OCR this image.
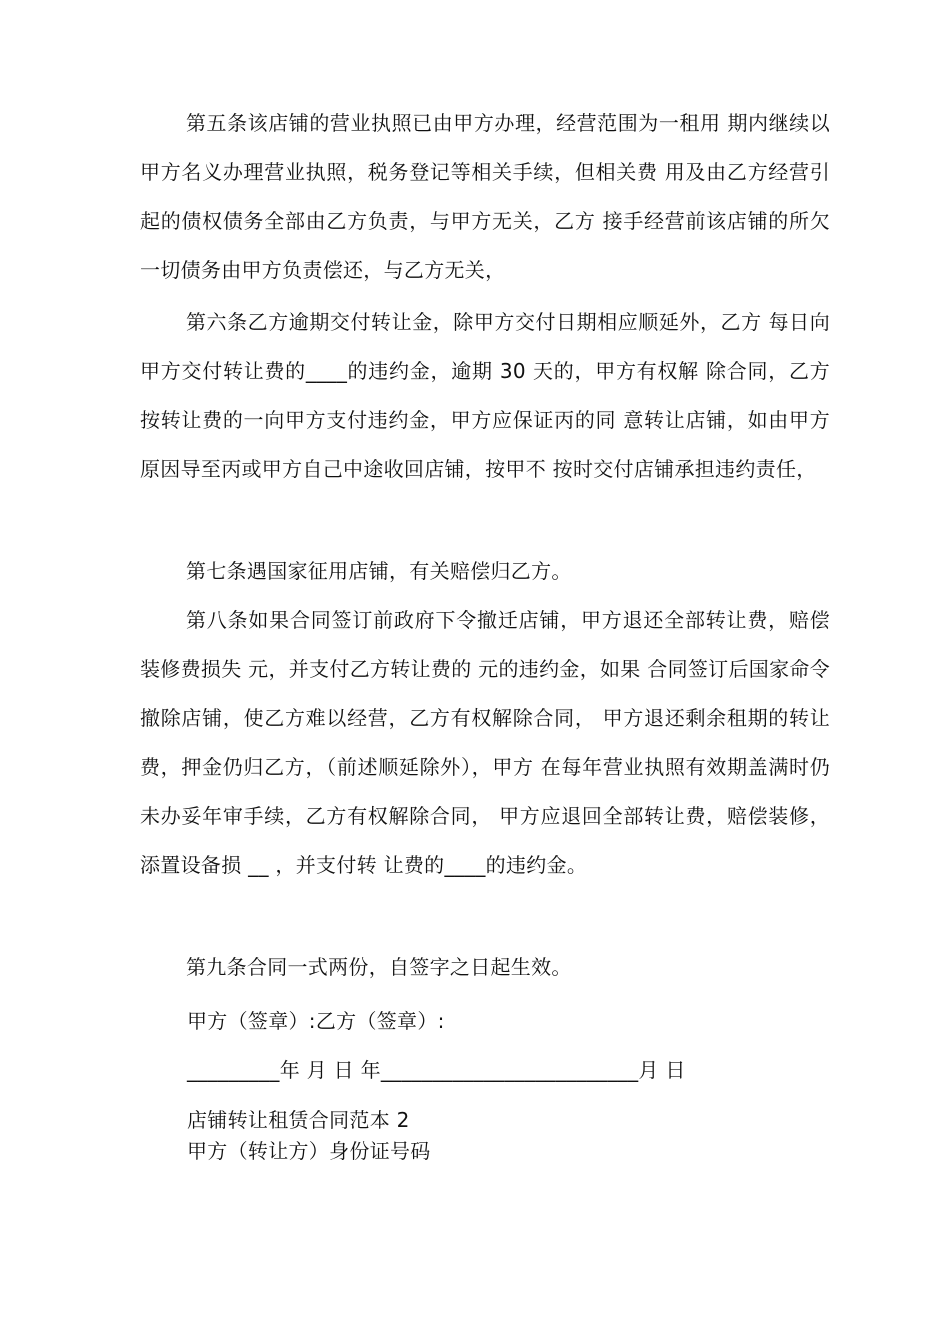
第五条该店铺的营业执照已由甲方办理，经营范围为一租用 期内继续以甲方名义办理营业执照，税务登记等相关手续，但相关费 用及由乙方经营引起的债权债务全部由乙方负责，与甲方无关，乙方 接手经营前该店铺的所欠一切债务由甲方负责偿还，与乙方无关，

第六条乙方逾期交付转让金，除甲方交付日期相应顺延外，乙方 每日向甲方交付转让费的____的违约金，逾期 30 天的，甲方有权解 除合同，乙方按转让费的一向甲方支付违约金，甲方应保证丙的同 意转让店铺，如由甲方原因导至丙或甲方自己中途收回店铺，按甲不 按时交付店铺承担违约责任，

第七条遇国家征用店铺，有关赔偿归乙方。

第八条如果合同签订前政府下令撤迁店铺，甲方退还全部转让费，赔偿装修费损失 元，并支付乙方转让费的 元的违约金，如果 合同签订后国家命令撤除店铺，使乙方难以经营，乙方有权解除合同， 甲方退还剩余租期的转让费，押金仍归乙方，（前述顺延除外），甲方 在每年营业执照有效期盖满时仍未办妥年审手续，乙方有权解除合同， 甲方应退回全部转让费，赔偿装修，添置设备损 __ ，并支付转 让费的____的违约金。

第九条合同一式两份，自签字之日起生效。

甲方（签章）:乙方（签章）:

_________年 月 日 年_________________________月 日

店铺转让租赁合同范本 2

甲方（转让方）身份证号码
